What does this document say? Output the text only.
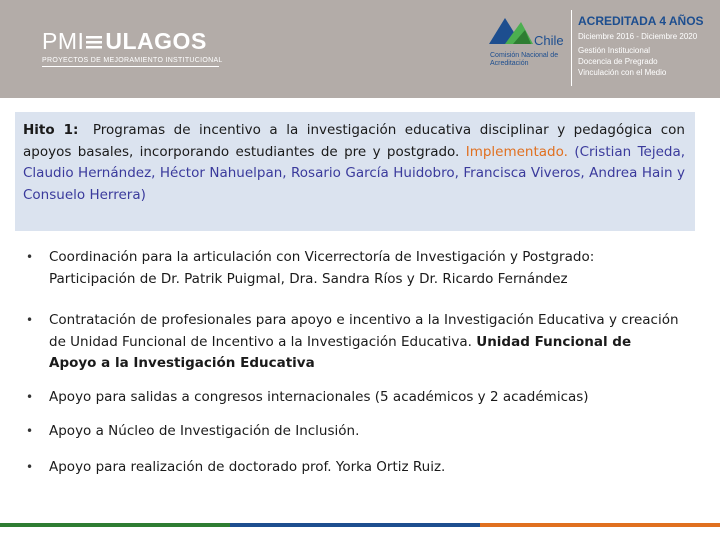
PMI ULAGOS
PROYECTOS DE MEJORAMIENTO INSTITUCIONAL
Chile
Comisión Nacional de Acreditación
ACREDITADA 4 AÑOS
Diciembre 2016 - Diciembre 2020
Gestión Institucional
Docencia de Pregrado
Vinculación con el Medio
Hito 1: Programas de incentivo a la investigación educativa disciplinar y pedagógica con apoyos basales, incorporando estudiantes de pre y postgrado. Implementado. (Cristian Tejeda, Claudio Hernández, Héctor Nahuelpan, Rosario García Huidobro, Francisca Viveros, Andrea Hain y Consuelo Herrera)
• Coordinación para la articulación con Vicerrectoría de Investigación y Postgrado: Participación de Dr. Patrik Puigmal, Dra. Sandra Ríos y Dr. Ricardo Fernández
• Contratación de profesionales para apoyo e incentivo a la Investigación Educativa y creación de Unidad Funcional de Incentivo a la Investigación Educativa. Unidad Funcional de Apoyo a la Investigación Educativa
• Apoyo para salidas a congresos internacionales (5 académicos y 2 académicas)
• Apoyo a Núcleo de Investigación de Inclusión.
• Apoyo para realización de doctorado prof. Yorka Ortiz Ruiz.
